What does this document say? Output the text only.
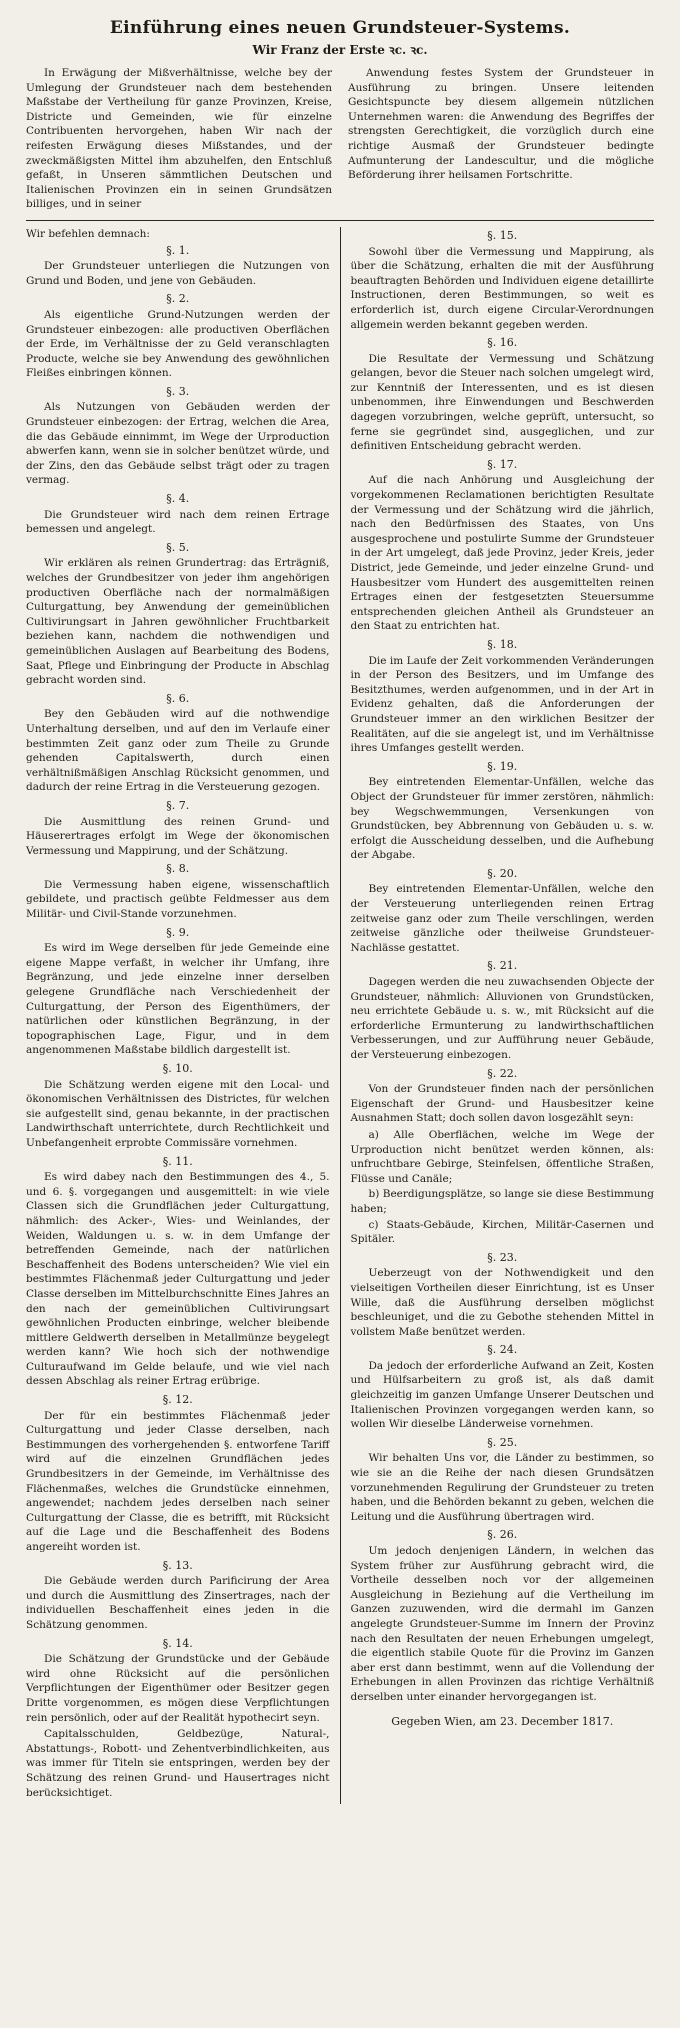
Einführung eines neuen Grundsteuer-Systems.
Wir Franz der Erste ꝛc. ꝛc.

In Erwägung der Mißverhältnisse, welche bey der Umlegung der Grundsteuer nach dem bestehenden Maßstabe der Vertheilung für ganze Provinzen, Kreise, Districte und Gemeinden, wie für einzelne Contribuenten hervorgehen, haben Wir nach der reifesten Erwägung dieses Mißstandes, und der zweckmäßigsten Mittel ihm abzuhelfen, den Entschluß gefaßt, in Unseren sämmtlichen Deutschen und Italienischen Provinzen ein in seinen Grundsätzen billiges, und in seiner

Anwendung festes System der Grundsteuer in Ausführung zu bringen. Unsere leitenden Gesichtspuncte bey diesem allgemein nützlichen Unternehmen waren: die Anwendung des Begriffes der strengsten Gerechtigkeit, die vorzüglich durch eine richtige Ausmaß der Grundsteuer bedingte Aufmunterung der Landescultur, und die mögliche Beförderung ihrer heilsamen Fortschritte.

Wir befehlen demnach:

§. 1.

Der Grundsteuer unterliegen die Nutzungen von Grund und Boden, und jene von Gebäuden.

§. 2.

Als eigentliche Grund-Nutzungen werden der Grundsteuer einbezogen: alle productiven Oberflächen der Erde, im Verhältnisse der zu Geld veranschlagten Producte, welche sie bey Anwendung des gewöhnlichen Fleißes einbringen können.

§. 3.

Als Nutzungen von Gebäuden werden der Grundsteuer einbezogen: der Ertrag, welchen die Area, die das Gebäude einnimmt, im Wege der Urproduction abwerfen kann, wenn sie in solcher benützet würde, und der Zins, den das Gebäude selbst trägt oder zu tragen vermag.

§. 4.

Die Grundsteuer wird nach dem reinen Ertrage bemessen und angelegt.

§. 5.

Wir erklären als reinen Grundertrag: das Erträgniß, welches der Grundbesitzer von jeder ihm angehörigen productiven Oberfläche nach der normalmäßigen Culturgattung, bey Anwendung der gemeinüblichen Cultivirungsart in Jahren gewöhnlicher Fruchtbarkeit beziehen kann, nachdem die nothwendigen und gemeinüblichen Auslagen auf Bearbeitung des Bodens, Saat, Pflege und Einbringung der Producte in Abschlag gebracht worden sind.

§. 6.

Bey den Gebäuden wird auf die nothwendige Unterhaltung derselben, und auf den im Verlaufe einer bestimmten Zeit ganz oder zum Theile zu Grunde gehenden Capitalswerth, durch einen verhältnißmäßigen Anschlag Rücksicht genommen, und dadurch der reine Ertrag in die Versteuerung gezogen.

§. 7.

Die Ausmittlung des reinen Grund- und Häuserertrages erfolgt im Wege der ökonomischen Vermessung und Mappirung, und der Schätzung.

§. 8.

Die Vermessung haben eigene, wissenschaftlich gebildete, und practisch geübte Feldmesser aus dem Militär- und Civil-Stande vorzunehmen.

§. 9.

Es wird im Wege derselben für jede Gemeinde eine eigene Mappe verfaßt, in welcher ihr Umfang, ihre Begränzung, und jede einzelne inner derselben gelegene Grundfläche nach Verschiedenheit der Culturgattung, der Person des Eigenthümers, der natürlichen oder künstlichen Begränzung, in der topographischen Lage, Figur, und in dem angenommenen Maßstabe bildlich dargestellt ist.

§. 10.

Die Schätzung werden eigene mit den Local- und ökonomischen Verhältnissen des Districtes, für welchen sie aufgestellt sind, genau bekannte, in der practischen Landwirthschaft unterrichtete, durch Rechtlichkeit und Unbefangenheit erprobte Commissäre vornehmen.

§. 11.

Es wird dabey nach den Bestimmungen des 4., 5. und 6. §. vorgegangen und ausgemittelt: in wie viele Classen sich die Grundflächen jeder Culturgattung, nähmlich: des Acker-, Wies- und Weinlandes, der Weiden, Waldungen u. s. w. in dem Umfange der betreffenden Gemeinde, nach der natürlichen Beschaffenheit des Bodens unterscheiden? Wie viel ein bestimmtes Flächenmaß jeder Culturgattung und jeder Classe derselben im Mittelburchschnitte Eines Jahres an den nach der gemeinüblichen Cultivirungsart gewöhnlichen Producten einbringe, welcher bleibende mittlere Geldwerth derselben in Metallmünze beygelegt werden kann? Wie hoch sich der nothwendige Culturaufwand im Gelde belaufe, und wie viel nach dessen Abschlag als reiner Ertrag erübrige.

§. 12.

Der für ein bestimmtes Flächenmaß jeder Culturgattung und jeder Classe derselben, nach Bestimmungen des vorhergehenden §. entworfene Tariff wird auf die einzelnen Grundflächen jedes Grundbesitzers in der Gemeinde, im Verhältnisse des Flächenmaßes, welches die Grundstücke einnehmen, angewendet; nachdem jedes derselben nach seiner Culturgattung der Classe, die es betrifft, mit Rücksicht auf die Lage und die Beschaffenheit des Bodens angereiht worden ist.

§. 13.

Die Gebäude werden durch Parificirung der Area und durch die Ausmittlung des Zinsertrages, nach der individuellen Beschaffenheit eines jeden in die Schätzung genommen.

§. 14.

Die Schätzung der Grundstücke und der Gebäude wird ohne Rücksicht auf die persönlichen Verpflichtungen der Eigenthümer oder Besitzer gegen Dritte vorgenommen, es mögen diese Verpflichtungen rein persönlich, oder auf der Realität hypothecirt seyn.

Capitalsschulden, Geldbezüge, Natural-, Abstattungs-, Robott- und Zehentverbindlichkeiten, aus was immer für Titeln sie entspringen, werden bey der Schätzung des reinen Grund- und Hausertrages nicht berücksichtiget.

§. 15.

Sowohl über die Vermessung und Mappirung, als über die Schätzung, erhalten die mit der Ausführung beauftragten Behörden und Individuen eigene detaillirte Instructionen, deren Bestimmungen, so weit es erforderlich ist, durch eigene Circular-Verordnungen allgemein werden bekannt gegeben werden.

§. 16.

Die Resultate der Vermessung und Schätzung gelangen, bevor die Steuer nach solchen umgelegt wird, zur Kenntniß der Interessenten, und es ist diesen unbenommen, ihre Einwendungen und Beschwerden dagegen vorzubringen, welche geprüft, untersucht, so ferne sie gegründet sind, ausgeglichen, und zur definitiven Entscheidung gebracht werden.

§. 17.

Auf die nach Anhörung und Ausgleichung der vorgekommenen Reclamationen berichtigten Resultate der Vermessung und der Schätzung wird die jährlich, nach den Bedürfnissen des Staates, von Uns ausgesprochene und postulirte Summe der Grundsteuer in der Art umgelegt, daß jede Provinz, jeder Kreis, jeder District, jede Gemeinde, und jeder einzelne Grund- und Hausbesitzer vom Hundert des ausgemittelten reinen Ertrages einen der festgesetzten Steuersumme entsprechenden gleichen Antheil als Grundsteuer an den Staat zu entrichten hat.

§. 18.

Die im Laufe der Zeit vorkommenden Veränderungen in der Person des Besitzers, und im Umfange des Besitzthumes, werden aufgenommen, und in der Art in Evidenz gehalten, daß die Anforderungen der Grundsteuer immer an den wirklichen Besitzer der Realitäten, auf die sie angelegt ist, und im Verhältnisse ihres Umfanges gestellt werden.

§. 19.

Bey eintretenden Elementar-Unfällen, welche das Object der Grundsteuer für immer zerstören, nähmlich: bey Wegschwemmungen, Versenkungen von Grundstücken, bey Abbrennung von Gebäuden u. s. w. erfolgt die Ausscheidung desselben, und die Aufhebung der Abgabe.

§. 20.

Bey eintretenden Elementar-Unfällen, welche den der Versteuerung unterliegenden reinen Ertrag zeitweise ganz oder zum Theile verschlingen, werden zeitweise gänzliche oder theilweise Grundsteuer-Nachlässe gestattet.

§. 21.

Dagegen werden die neu zuwachsenden Objecte der Grundsteuer, nähmlich: Alluvionen von Grundstücken, neu errichtete Gebäude u. s. w., mit Rücksicht auf die erforderliche Ermunterung zu landwirthschaftlichen Verbesserungen, und zur Aufführung neuer Gebäude, der Versteuerung einbezogen.

§. 22.

Von der Grundsteuer finden nach der persönlichen Eigenschaft der Grund- und Hausbesitzer keine Ausnahmen Statt; doch sollen davon losgezählt seyn:

a) Alle Oberflächen, welche im Wege der Urproduction nicht benützet werden können, als: unfruchtbare Gebirge, Steinfelsen, öffentliche Straßen, Flüsse und Canäle;
b) Beerdigungsplätze, so lange sie diese Bestimmung haben;
c) Staats-Gebäude, Kirchen, Militär-Casernen und Spitäler.
§. 23.

Ueberzeugt von der Nothwendigkeit und den vielseitigen Vortheilen dieser Einrichtung, ist es Unser Wille, daß die Ausführung derselben möglichst beschleuniget, und die zu Gebothe stehenden Mittel in vollstem Maße benützet werden.

§. 24.

Da jedoch der erforderliche Aufwand an Zeit, Kosten und Hülfsarbeitern zu groß ist, als daß damit gleichzeitig im ganzen Umfange Unserer Deutschen und Italienischen Provinzen vorgegangen werden kann, so wollen Wir dieselbe Länderweise vornehmen.

§. 25.

Wir behalten Uns vor, die Länder zu bestimmen, so wie sie an die Reihe der nach diesen Grundsätzen vorzunehmenden Regulirung der Grundsteuer zu treten haben, und die Behörden bekannt zu geben, welchen die Leitung und die Ausführung übertragen wird.

§. 26.

Um jedoch denjenigen Ländern, in welchen das System früher zur Ausführung gebracht wird, die Vortheile desselben noch vor der allgemeinen Ausgleichung in Beziehung auf die Vertheilung im Ganzen zuzuwenden, wird die dermahl im Ganzen angelegte Grundsteuer-Summe im Innern der Provinz nach den Resultaten der neuen Erhebungen umgelegt, die eigentlich stabile Quote für die Provinz im Ganzen aber erst dann bestimmt, wenn auf die Vollendung der Erhebungen in allen Provinzen das richtige Verhältniß derselben unter einander hervorgegangen ist.

Gegeben Wien, am 23. December 1817.
